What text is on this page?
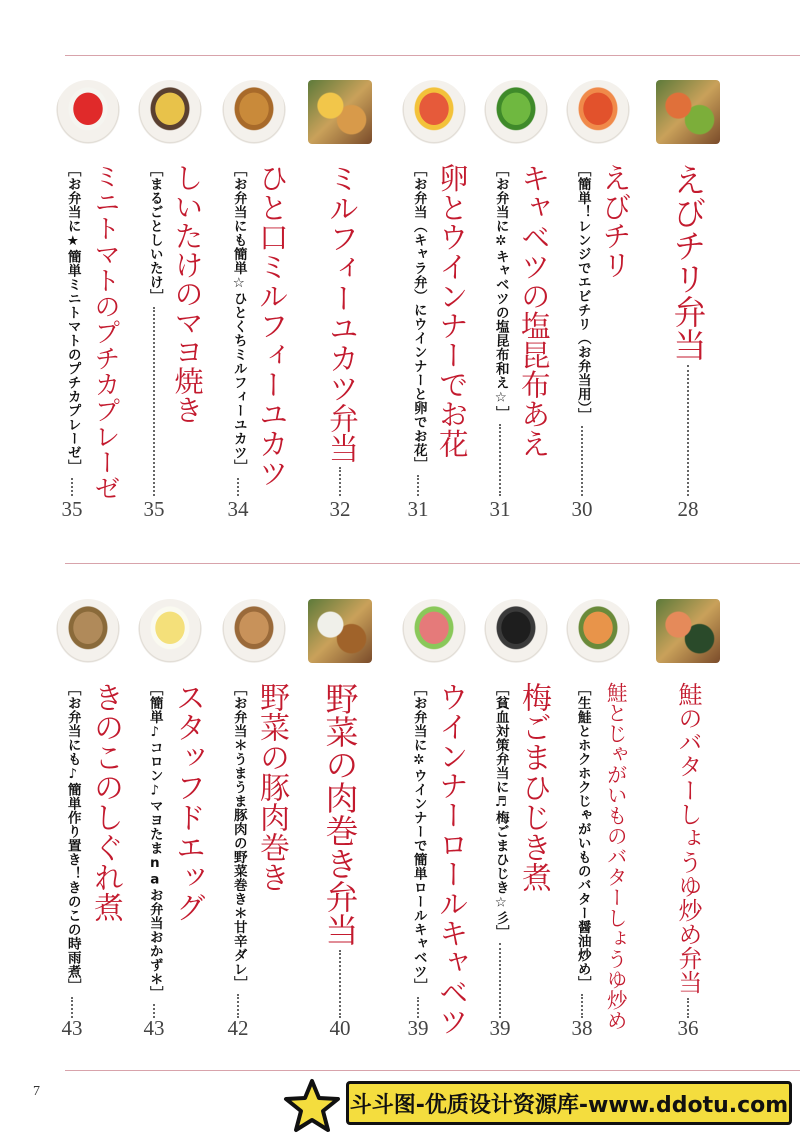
えびチリ弁当
28
えびチリ
［簡単！レンジでエビチリ（お弁当用）］
30
キャベツの塩昆布あえ
［お弁当に✲キャベツの塩昆布和え☆］
31
卵とウインナーでお花
［お弁当（キャラ弁）にウインナーと卵でお花］
31
ミルフィーユカツ弁当
32
ひと口ミルフィーユカツ
［お弁当にも簡単☆ひとくちミルフィーユカツ］
34
しいたけのマヨ焼き
［まるごとしいたけ］
35
ミニトマトのプチカプレーゼ
［お弁当に★簡単ミニトマトのプチカプレーゼ］
35
鮭のバターしょうゆ炒め弁当
36
鮭とじゃがいものバターしょうゆ炒め
［生鮭とホクホクじゃがいものバター醤油炒め］
38
梅ごまひじき煮
［貧血対策弁当に♬梅ごまひじき☆彡］
39
ウインナーロールキャベツ
［お弁当に✲ウインナーで簡単ロールキャベツ］
39
野菜の肉巻き弁当
40
野菜の豚肉巻き
［お弁当＊うまうま豚肉の野菜巻き＊甘辛ダレ］
42
スタッフドエッグ
［簡単♪コロン♪マヨたまnaお弁当おかず＊］
43
きのこのしぐれ煮
［お弁当にも♪簡単作り置き！きのこの時雨煮］
43
7
斗斗图-优质设计资源库-www.ddotu.com
